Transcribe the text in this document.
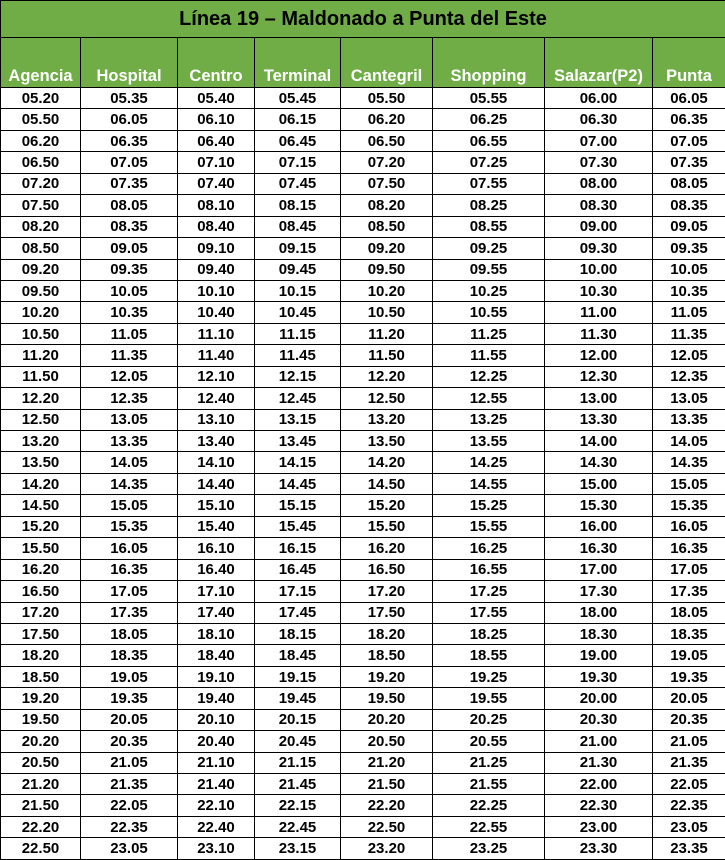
Línea 19 – Maldonado a Punta del Este							

Agencia	Hospital	Centro	Terminal	Cantegril	Shopping	Salazar(P2)	Punta

05.20	05.35	05.40	05.45	05.50	05.55	06.00	06.05
05.50	06.05	06.10	06.15	06.20	06.25	06.30	06.35
06.20	06.35	06.40	06.45	06.50	06.55	07.00	07.05
06.50	07.05	07.10	07.15	07.20	07.25	07.30	07.35
07.20	07.35	07.40	07.45	07.50	07.55	08.00	08.05
07.50	08.05	08.10	08.15	08.20	08.25	08.30	08.35
08.20	08.35	08.40	08.45	08.50	08.55	09.00	09.05
08.50	09.05	09.10	09.15	09.20	09.25	09.30	09.35
09.20	09.35	09.40	09.45	09.50	09.55	10.00	10.05
09.50	10.05	10.10	10.15	10.20	10.25	10.30	10.35
10.20	10.35	10.40	10.45	10.50	10.55	11.00	11.05
10.50	11.05	11.10	11.15	11.20	11.25	11.30	11.35
11.20	11.35	11.40	11.45	11.50	11.55	12.00	12.05
11.50	12.05	12.10	12.15	12.20	12.25	12.30	12.35
12.20	12.35	12.40	12.45	12.50	12.55	13.00	13.05
12.50	13.05	13.10	13.15	13.20	13.25	13.30	13.35
13.20	13.35	13.40	13.45	13.50	13.55	14.00	14.05
13.50	14.05	14.10	14.15	14.20	14.25	14.30	14.35
14.20	14.35	14.40	14.45	14.50	14.55	15.00	15.05
14.50	15.05	15.10	15.15	15.20	15.25	15.30	15.35
15.20	15.35	15.40	15.45	15.50	15.55	16.00	16.05
15.50	16.05	16.10	16.15	16.20	16.25	16.30	16.35
16.20	16.35	16.40	16.45	16.50	16.55	17.00	17.05
16.50	17.05	17.10	17.15	17.20	17.25	17.30	17.35
17.20	17.35	17.40	17.45	17.50	17.55	18.00	18.05
17.50	18.05	18.10	18.15	18.20	18.25	18.30	18.35
18.20	18.35	18.40	18.45	18.50	18.55	19.00	19.05
18.50	19.05	19.10	19.15	19.20	19.25	19.30	19.35
19.20	19.35	19.40	19.45	19.50	19.55	20.00	20.05
19.50	20.05	20.10	20.15	20.20	20.25	20.30	20.35
20.20	20.35	20.40	20.45	20.50	20.55	21.00	21.05
20.50	21.05	21.10	21.15	21.20	21.25	21.30	21.35
21.20	21.35	21.40	21.45	21.50	21.55	22.00	22.05
21.50	22.05	22.10	22.15	22.20	22.25	22.30	22.35
22.20	22.35	22.40	22.45	22.50	22.55	23.00	23.05
22.50	23.05	23.10	23.15	23.20	23.25	23.30	23.35
